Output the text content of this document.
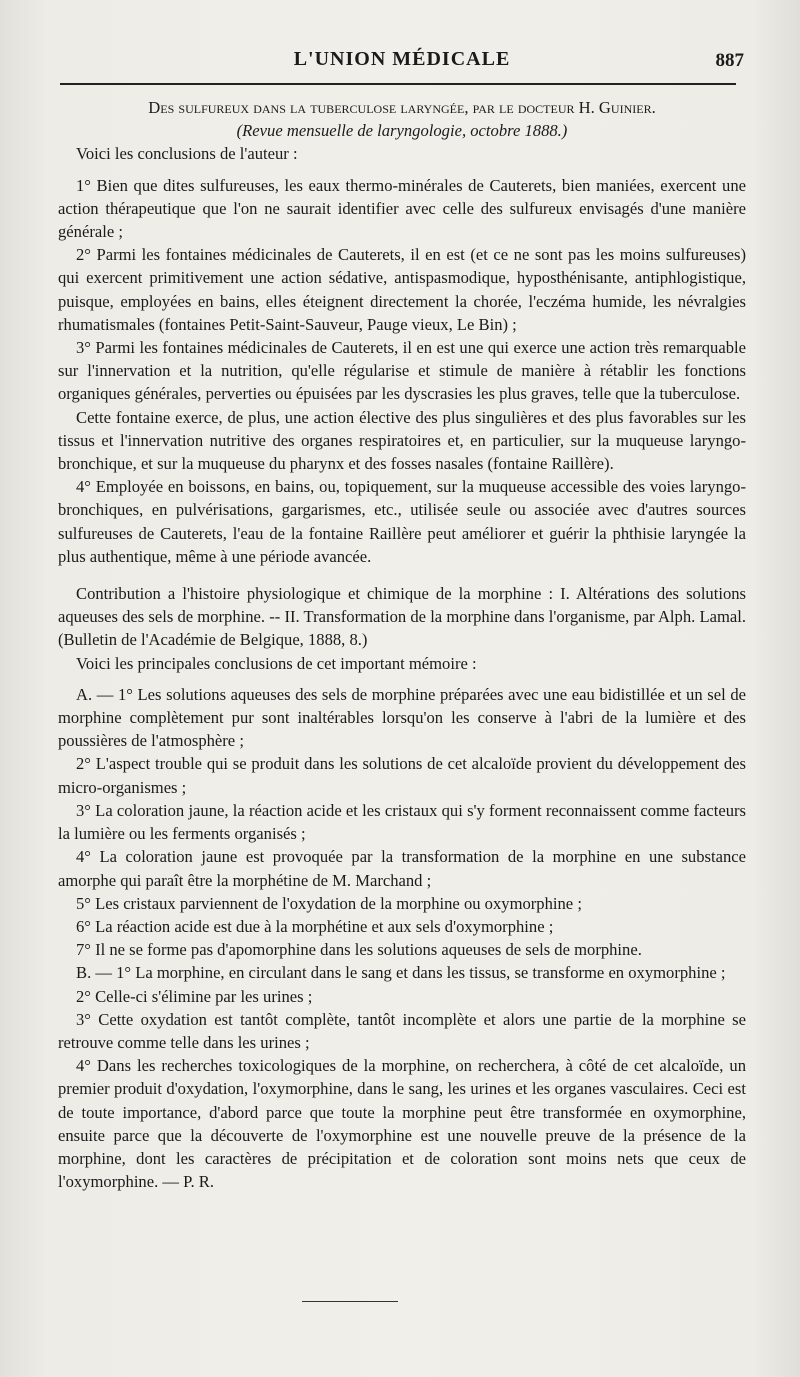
L'UNION MÉDICALE	887

Des sulfureux dans la tuberculose laryngée, par le docteur H. Guinier.

(Revue mensuelle de laryngologie, octobre 1888.)

Voici les conclusions de l'auteur :

1° Bien que dites sulfureuses, les eaux thermo-minérales de Cauterets, bien maniées, exercent une action thérapeutique que l'on ne saurait identifier avec celle des sulfureux envisagés d'une manière générale ;

2° Parmi les fontaines médicinales de Cauterets, il en est (et ce ne sont pas les moins sulfureuses) qui exercent primitivement une action sédative, antispasmodique, hyposthénisante, antiphlogistique, puisque, employées en bains, elles éteignent directement la chorée, l'eczéma humide, les névralgies rhumatismales (fontaines Petit-Saint-Sauveur, Pauge vieux, Le Bin) ;

3° Parmi les fontaines médicinales de Cauterets, il en est une qui exerce une action très remarquable sur l'innervation et la nutrition, qu'elle régularise et stimule de manière à rétablir les fonctions organiques générales, perverties ou épuisées par les dyscrasies les plus graves, telle que la tuberculose.

Cette fontaine exerce, de plus, une action élective des plus singulières et des plus favorables sur les tissus et l'innervation nutritive des organes respiratoires et, en particulier, sur la muqueuse laryngo-bronchique, et sur la muqueuse du pharynx et des fosses nasales (fontaine Raillère).

4° Employée en boissons, en bains, ou, topiquement, sur la muqueuse accessible des voies laryngo-bronchiques, en pulvérisations, gargarismes, etc., utilisée seule ou associée avec d'autres sources sulfureuses de Cauterets, l'eau de la fontaine Raillère peut améliorer et guérir la phthisie laryngée la plus authentique, même à une période avancée.

Contribution a l'histoire physiologique et chimique de la morphine : I. Altérations des solutions aqueuses des sels de morphine. -- II. Transformation de la morphine dans l'organisme, par Alph. Lamal. (Bulletin de l'Académie de Belgique, 1888, 8.)

Voici les principales conclusions de cet important mémoire :

A. — 1° Les solutions aqueuses des sels de morphine préparées avec une eau bidistillée et un sel de morphine complètement pur sont inaltérables lorsqu'on les conserve à l'abri de la lumière et des poussières de l'atmosphère ;

2° L'aspect trouble qui se produit dans les solutions de cet alcaloïde provient du développement des micro-organismes ;

3° La coloration jaune, la réaction acide et les cristaux qui s'y forment reconnaissent comme facteurs la lumière ou les ferments organisés ;

4° La coloration jaune est provoquée par la transformation de la morphine en une substance amorphe qui paraît être la morphétine de M. Marchand ;

5° Les cristaux parviennent de l'oxydation de la morphine ou oxymorphine ;

6° La réaction acide est due à la morphétine et aux sels d'oxymorphine ;

7° Il ne se forme pas d'apomorphine dans les solutions aqueuses de sels de morphine.

B. — 1° La morphine, en circulant dans le sang et dans les tissus, se transforme en oxymorphine ;

2° Celle-ci s'élimine par les urines ;

3° Cette oxydation est tantôt complète, tantôt incomplète et alors une partie de la morphine se retrouve comme telle dans les urines ;

4° Dans les recherches toxicologiques de la morphine, on recherchera, à côté de cet alcaloïde, un premier produit d'oxydation, l'oxymorphine, dans le sang, les urines et les organes vasculaires. Ceci est de toute importance, d'abord parce que toute la morphine peut être transformée en oxymorphine, ensuite parce que la découverte de l'oxymorphine est une nouvelle preuve de la présence de la morphine, dont les caractères de précipitation et de coloration sont moins nets que ceux de l'oxymorphine. — P. R.
